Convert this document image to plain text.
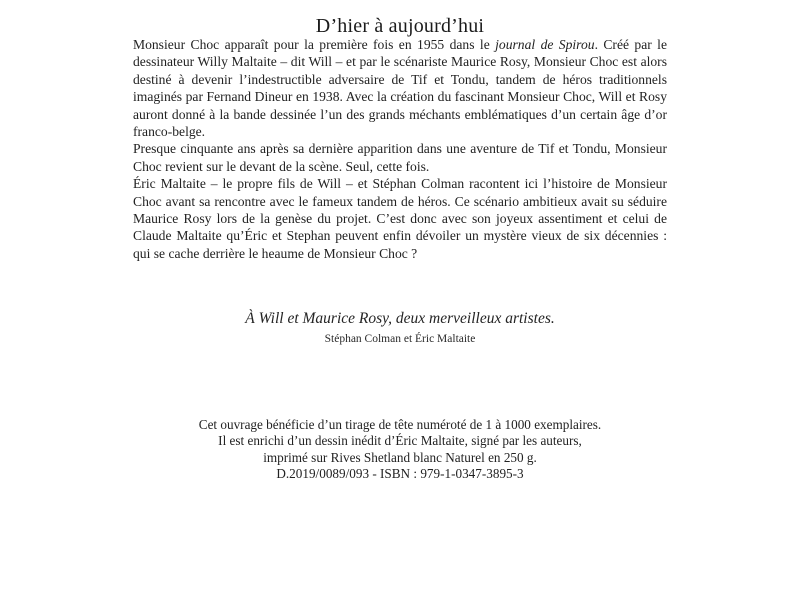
D’hier à aujourd’hui

Monsieur Choc apparaît pour la première fois en 1955 dans le journal de Spirou. Créé par le dessinateur Willy Maltaite – dit Will – et par le scénariste Maurice Rosy, Monsieur Choc est alors destiné à devenir l’indestructible adversaire de Tif et Tondu, tandem de héros traditionnels imaginés par Fernand Dineur en 1938. Avec la création du fascinant Monsieur Choc, Will et Rosy auront donné à la bande dessinée l’un des grands méchants emblématiques d’un certain âge d’or franco-belge.

Presque cinquante ans après sa dernière apparition dans une aventure de Tif et Tondu, Monsieur Choc revient sur le devant de la scène. Seul, cette fois.

Éric Maltaite – le propre fils de Will – et Stéphan Colman racontent ici l’histoire de Monsieur Choc avant sa rencontre avec le fameux tandem de héros. Ce scénario ambitieux avait su séduire Maurice Rosy lors de la genèse du projet. C’est donc avec son joyeux assentiment et celui de Claude Maltaite qu’Éric et Stephan peuvent enfin dévoiler un mystère vieux de six décennies : qui se cache derrière le heaume de Monsieur Choc ?

À Will et Maurice Rosy, deux merveilleux artistes.
Stéphan Colman et Éric Maltaite
Cet ouvrage bénéficie d’un tirage de tête numéroté de 1 à 1000 exemplaires.
Il est enrichi d’un dessin inédit d’Éric Maltaite, signé par les auteurs,
imprimé sur Rives Shetland blanc Naturel en 250 g.
D.2019/0089/093 - ISBN : 979-1-0347-3895-3
